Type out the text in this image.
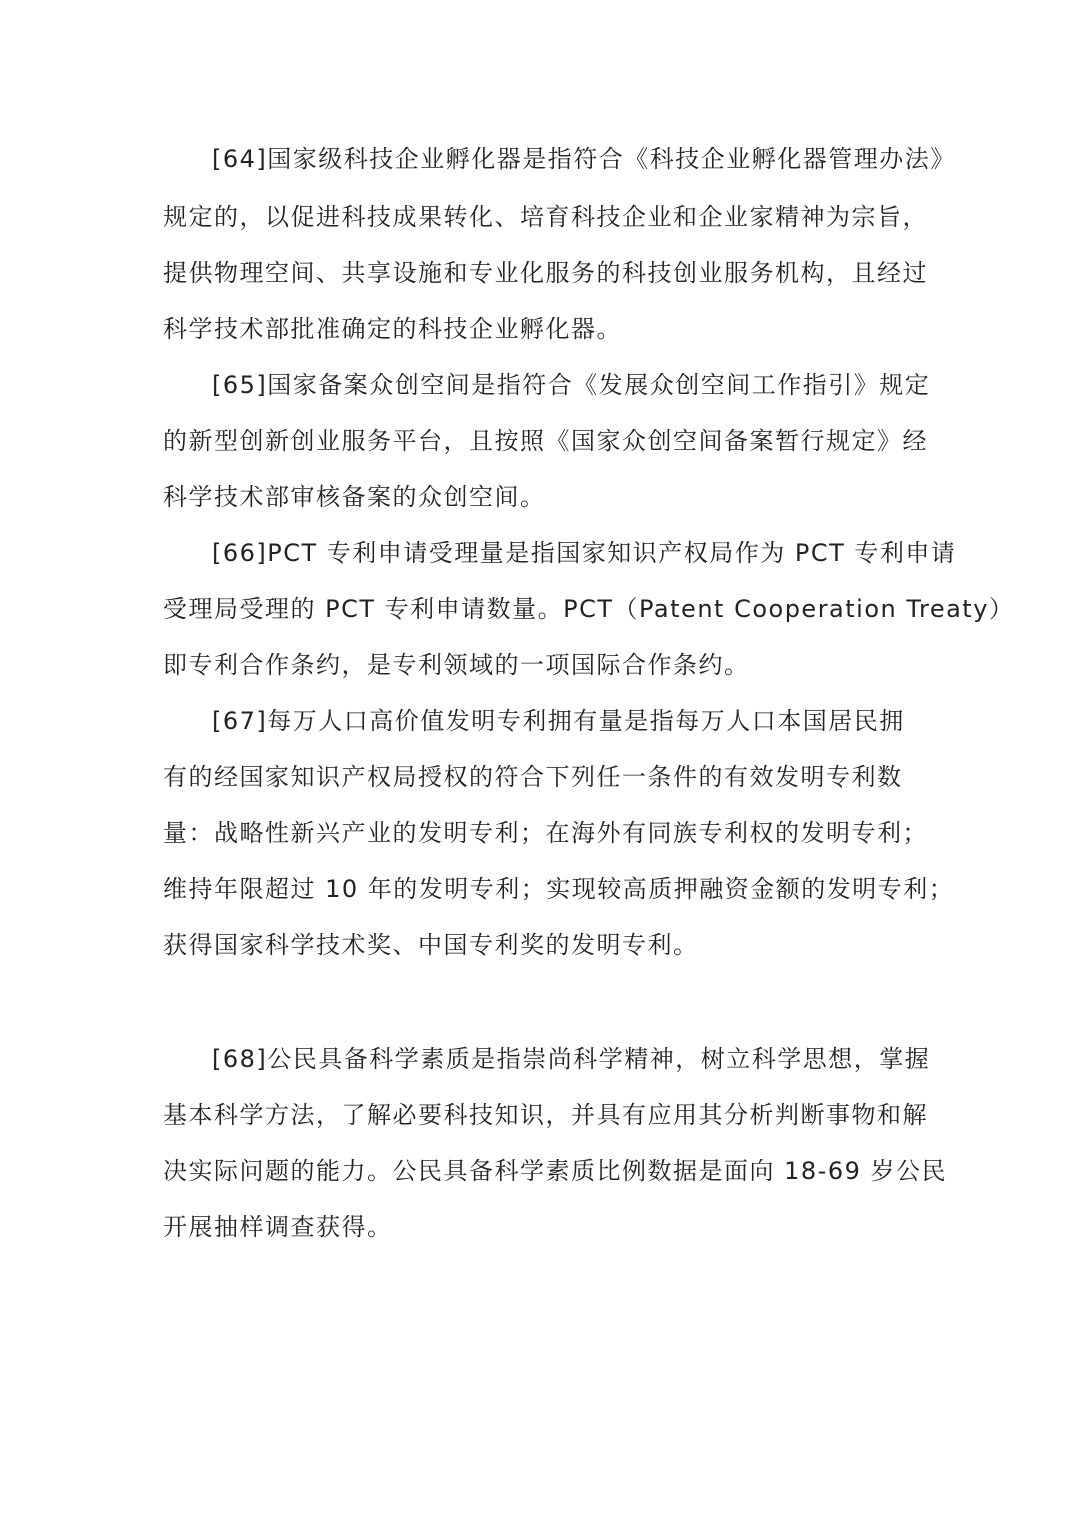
[64]国家级科技企业孵化器是指符合《科技企业孵化器管理办法》

规定的，以促进科技成果转化、培育科技企业和企业家精神为宗旨，

提供物理空间、共享设施和专业化服务的科技创业服务机构，且经过

科学技术部批准确定的科技企业孵化器。

[65]国家备案众创空间是指符合《发展众创空间工作指引》规定

的新型创新创业服务平台，且按照《国家众创空间备案暂行规定》经

科学技术部审核备案的众创空间。

[66]PCT 专利申请受理量是指国家知识产权局作为 PCT 专利申请

受理局受理的 PCT 专利申请数量。PCT（Patent Cooperation Treaty）

即专利合作条约，是专利领域的一项国际合作条约。

[67]每万人口高价值发明专利拥有量是指每万人口本国居民拥

有的经国家知识产权局授权的符合下列任一条件的有效发明专利数

量：战略性新兴产业的发明专利；在海外有同族专利权的发明专利；

维持年限超过 10 年的发明专利；实现较高质押融资金额的发明专利；

获得国家科学技术奖、中国专利奖的发明专利。

[68]公民具备科学素质是指崇尚科学精神，树立科学思想，掌握

基本科学方法，了解必要科技知识，并具有应用其分析判断事物和解

决实际问题的能力。公民具备科学素质比例数据是面向 18-69 岁公民

开展抽样调查获得。
